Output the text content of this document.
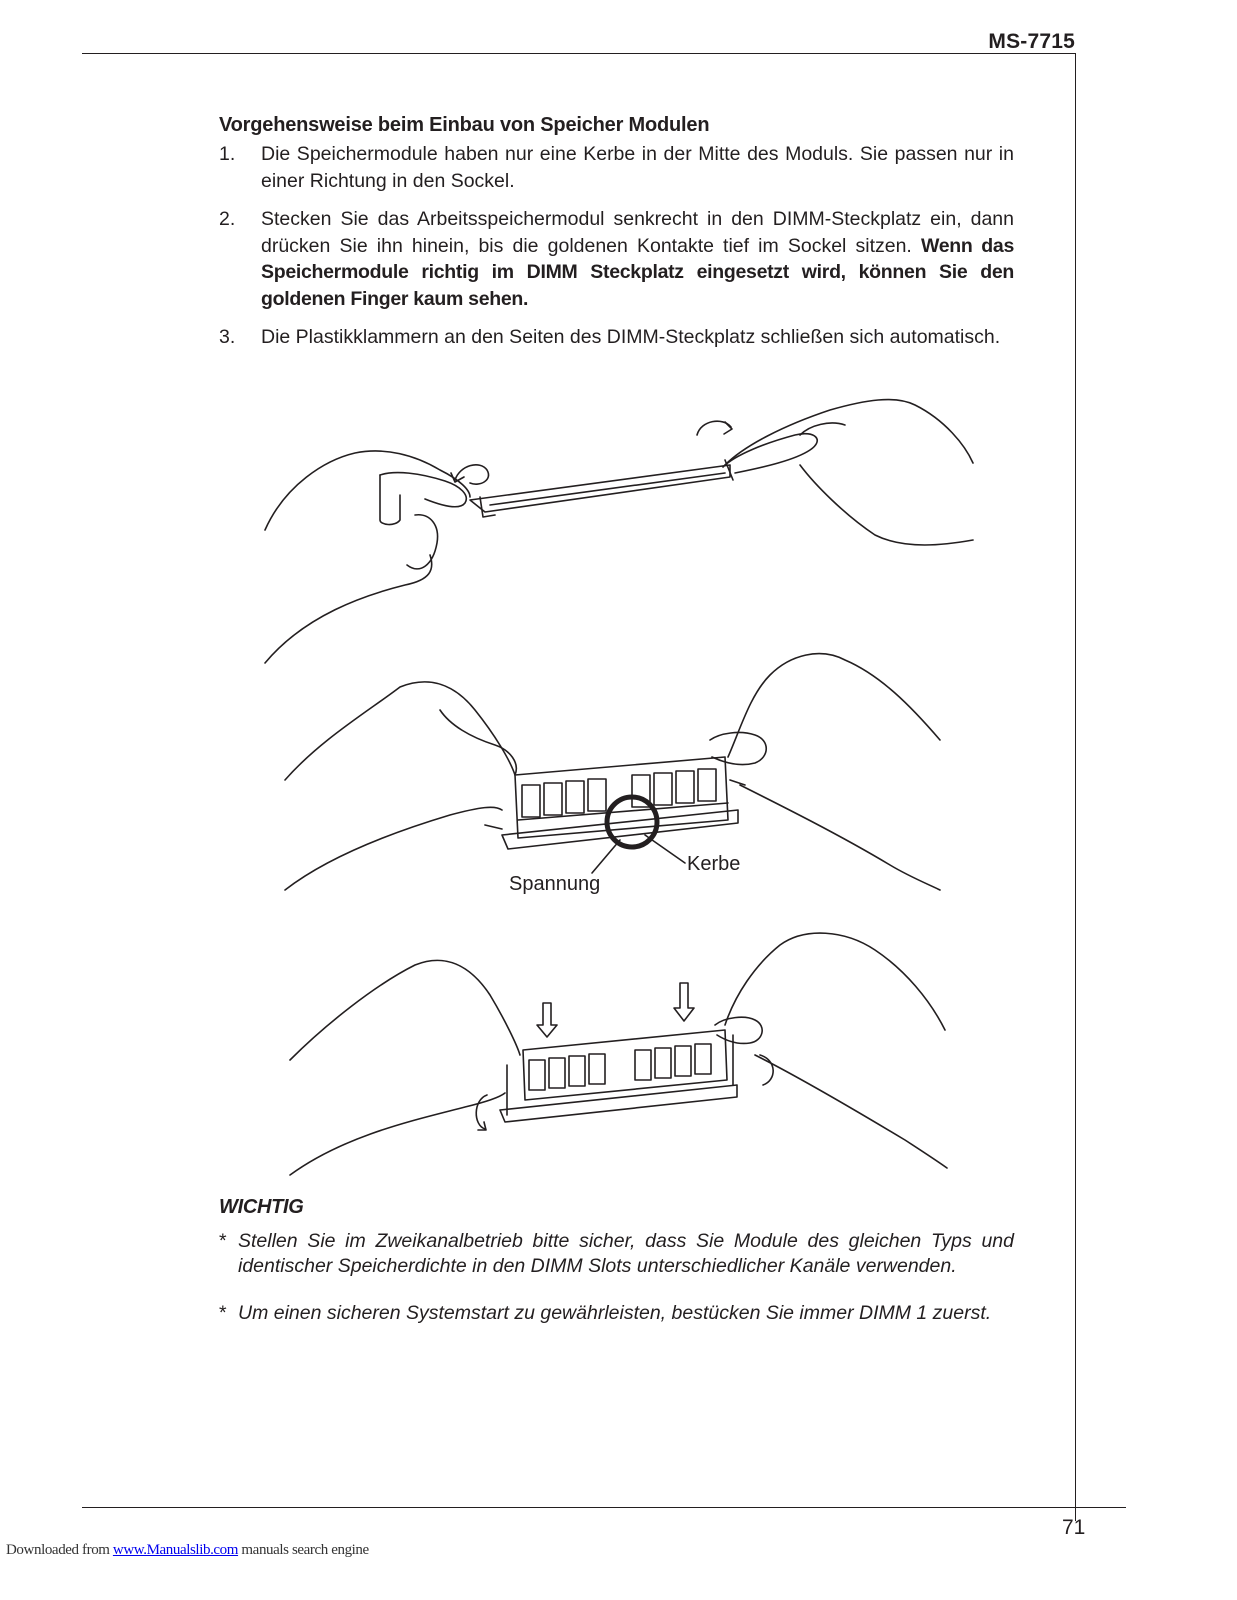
MS-7715
Vorgehensweise beim Einbau von Speicher Modulen
1.	Die Speichermodule haben nur eine Kerbe in der Mitte des Moduls. Sie passen nur in einer Richtung in den Sockel.
2.	Stecken Sie das Arbeitsspeichermodul senkrecht in den DIMM-Steckplatz ein, dann drücken Sie ihn hinein, bis die goldenen Kontakte tief im Sockel sitzen. Wenn das Speichermodule richtig im DIMM Steckplatz eingesetzt wird, können Sie den goldenen Finger kaum sehen.
3.	Die Plastikklammern an den Seiten des DIMM-Steckplatz schließen sich automatisch.
Kerbe
Spannung
WICHTIG
* Stellen Sie im Zweikanalbetrieb bitte sicher, dass Sie Module des gleichen Typs und identischer Speicherdichte in den DIMM Slots unterschiedlicher Kanäle verwenden.
* Um einen sicheren Systemstart zu gewährleisten, bestücken Sie immer DIMM 1 zuerst.
71
Downloaded from www.Manualslib.com manuals search engine
